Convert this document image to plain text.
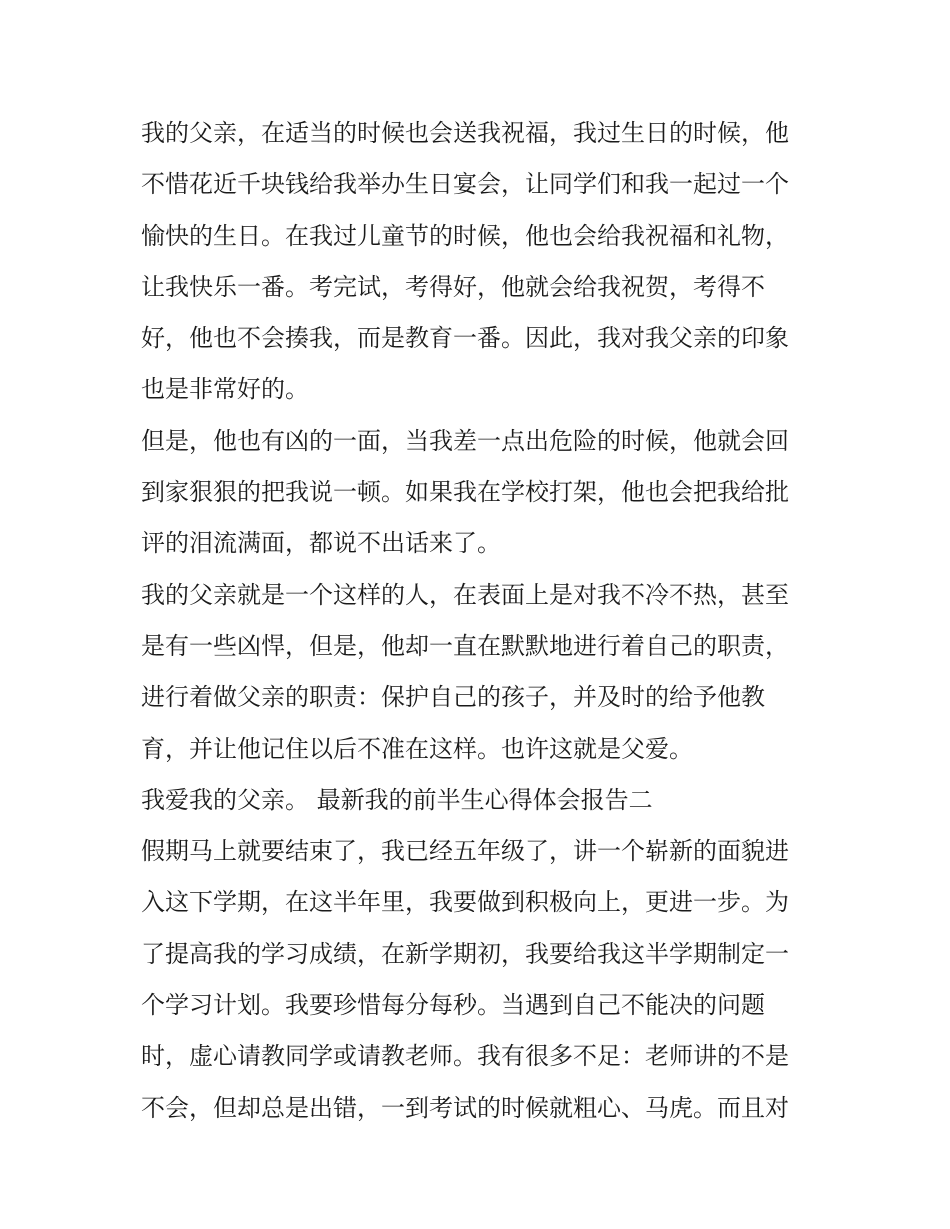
我的父亲，在适当的时候也会送我祝福，我过生日的时候，他
不惜花近千块钱给我举办生日宴会，让同学们和我一起过一个
愉快的生日。在我过儿童节的时候，他也会给我祝福和礼物，
让我快乐一番。考完试，考得好，他就会给我祝贺，考得不
好，他也不会揍我，而是教育一番。因此，我对我父亲的印象
也是非常好的。
但是，他也有凶的一面，当我差一点出危险的时候，他就会回
到家狠狠的把我说一顿。如果我在学校打架，他也会把我给批
评的泪流满面，都说不出话来了。
我的父亲就是一个这样的人，在表面上是对我不冷不热，甚至
是有一些凶悍，但是，他却一直在默默地进行着自己的职责，
进行着做父亲的职责：保护自己的孩子，并及时的给予他教
育，并让他记住以后不准在这样。也许这就是父爱。
我爱我的父亲。 最新我的前半生心得体会报告二
假期马上就要结束了，我已经五年级了，讲一个崭新的面貌进
入这下学期，在这半年里，我要做到积极向上，更进一步。为
了提高我的学习成绩，在新学期初，我要给我这半学期制定一
个学习计划。我要珍惜每分每秒。当遇到自己不能决的问题
时，虚心请教同学或请教老师。我有很多不足：老师讲的不是
不会，但却总是出错，一到考试的时候就粗心、马虎。而且对
